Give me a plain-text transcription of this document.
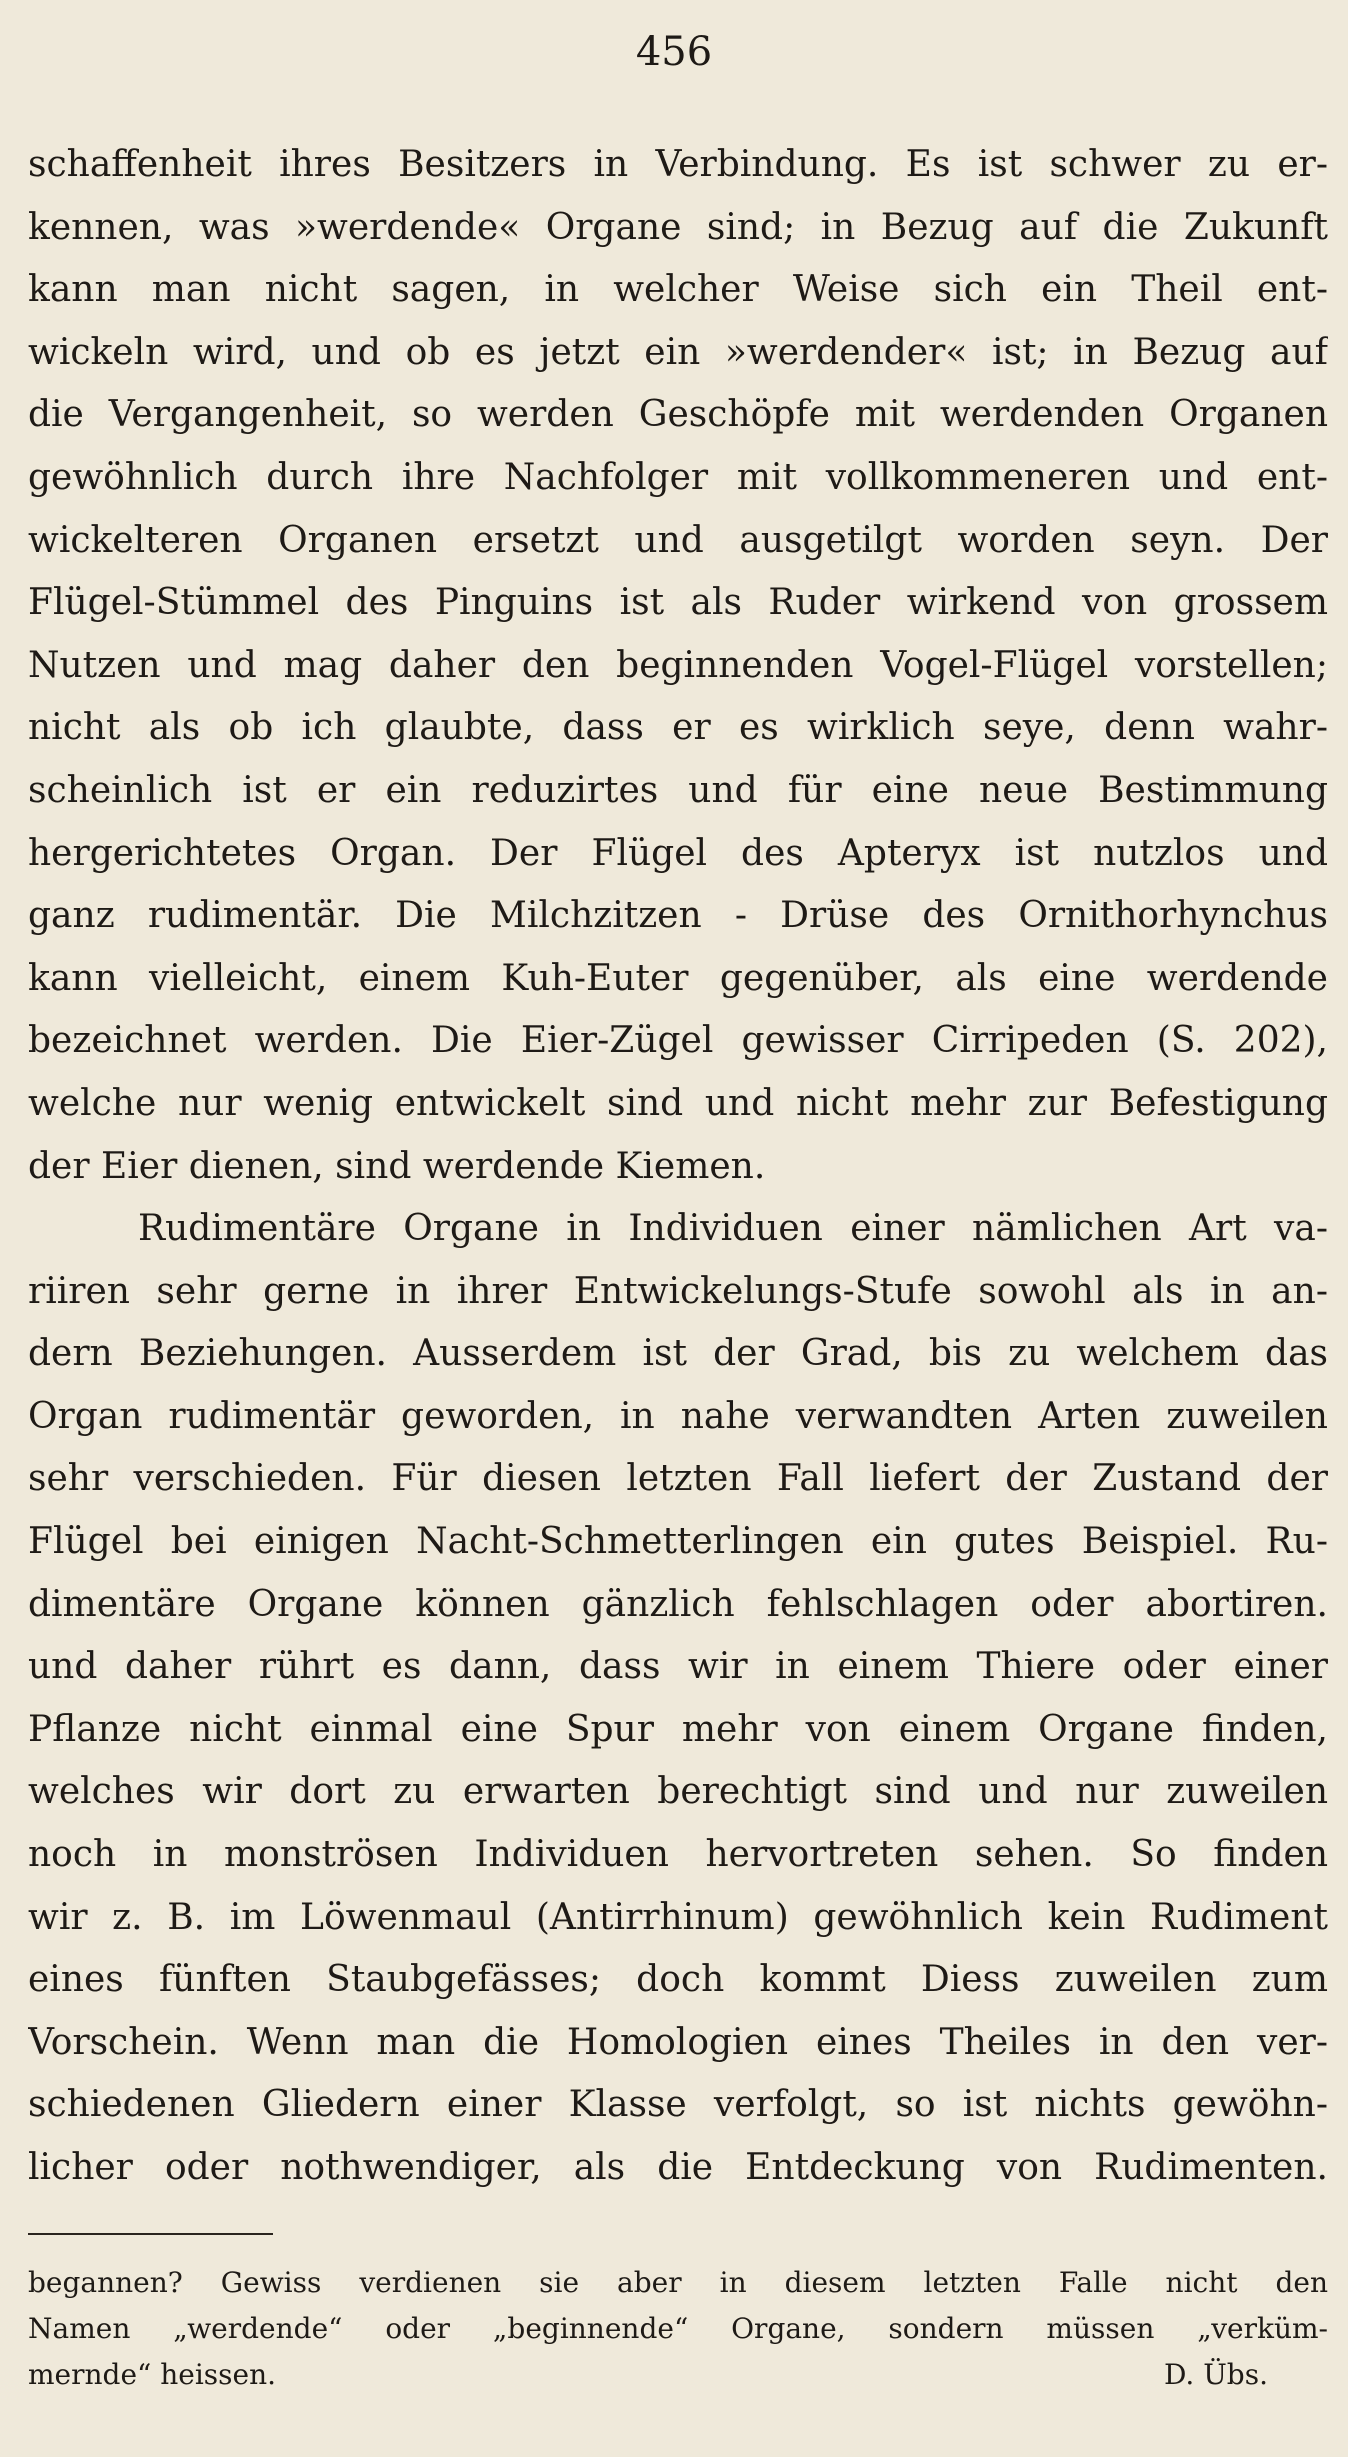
456
schaffenheit ihres Besitzers in Verbindung. Es ist schwer zu er-
kennen, was »werdende« Organe sind; in Bezug auf die Zukunft
kann man nicht sagen, in welcher Weise sich ein Theil ent-
wickeln wird, und ob es jetzt ein »werdender« ist; in Bezug auf
die Vergangenheit, so werden Geschöpfe mit werdenden Organen
gewöhnlich durch ihre Nachfolger mit vollkommeneren und ent-
wickelteren Organen ersetzt und ausgetilgt worden seyn. Der
Flügel-Stümmel des Pinguins ist als Ruder wirkend von grossem
Nutzen und mag daher den beginnenden Vogel-Flügel vorstellen;
nicht als ob ich glaubte, dass er es wirklich seye, denn wahr-
scheinlich ist er ein reduzirtes und für eine neue Bestimmung
hergerichtetes Organ. Der Flügel des Apteryx ist nutzlos und
ganz rudimentär. Die Milchzitzen - Drüse des Ornithorhynchus
kann vielleicht, einem Kuh-Euter gegenüber, als eine werdende
bezeichnet werden. Die Eier-Zügel gewisser Cirripeden (S. 202),
welche nur wenig entwickelt sind und nicht mehr zur Befestigung
der Eier dienen, sind werdende Kiemen.
Rudimentäre Organe in Individuen einer nämlichen Art va-
riiren sehr gerne in ihrer Entwickelungs-Stufe sowohl als in an-
dern Beziehungen. Ausserdem ist der Grad, bis zu welchem das
Organ rudimentär geworden, in nahe verwandten Arten zuweilen
sehr verschieden. Für diesen letzten Fall liefert der Zustand der
Flügel bei einigen Nacht-Schmetterlingen ein gutes Beispiel. Ru-
dimentäre Organe können gänzlich fehlschlagen oder abortiren.
und daher rührt es dann, dass wir in einem Thiere oder einer
Pflanze nicht einmal eine Spur mehr von einem Organe finden,
welches wir dort zu erwarten berechtigt sind und nur zuweilen
noch in monströsen Individuen hervortreten sehen. So finden
wir z. B. im Löwenmaul (Antirrhinum) gewöhnlich kein Rudiment
eines fünften Staubgefässes; doch kommt Diess zuweilen zum
Vorschein. Wenn man die Homologien eines Theiles in den ver-
schiedenen Gliedern einer Klasse verfolgt, so ist nichts gewöhn-
licher oder nothwendiger, als die Entdeckung von Rudimenten.
begannen? Gewiss verdienen sie aber in diesem letzten Falle nicht den
Namen „werdende“ oder „beginnende“ Organe, sondern müssen „verküm-
mernde“ heissen.	D. Übs.
